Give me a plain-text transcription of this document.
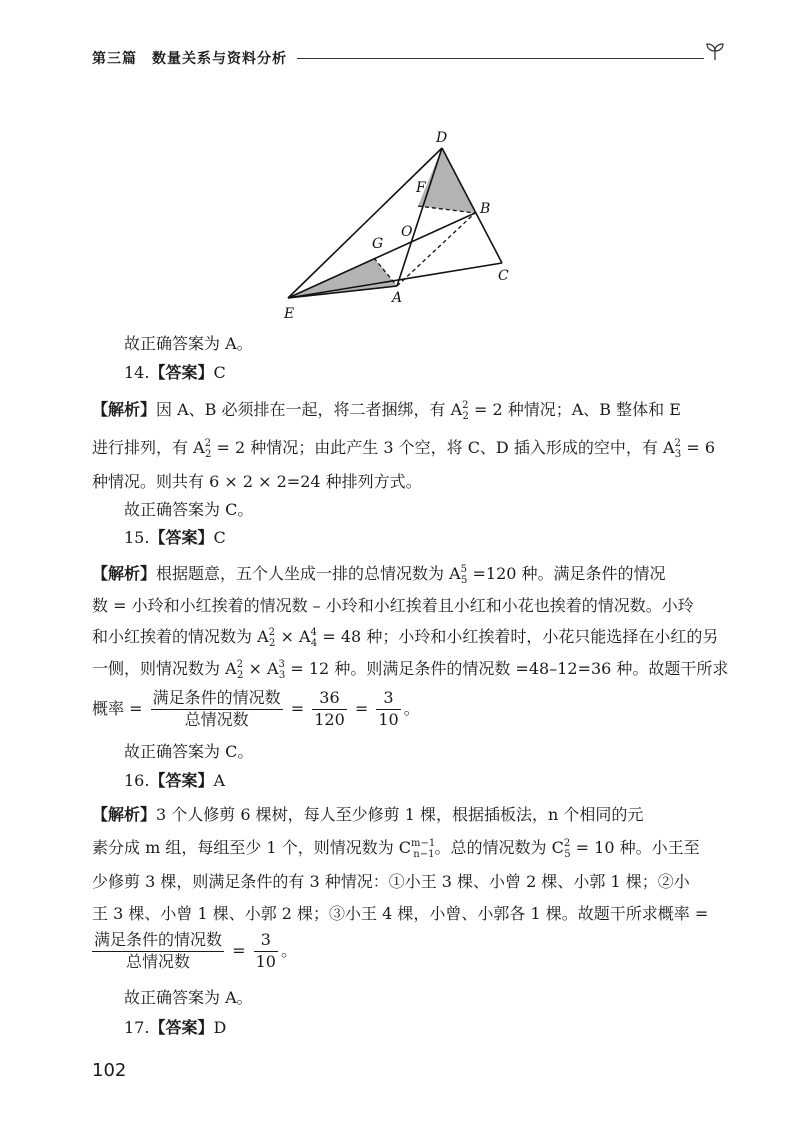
第三篇　数量关系与资料分析
D
F
B
G
O
C
A
E
故正确答案为 A。
14.【答案】C
【解析】因 A、B 必须排在一起，将二者捆绑，有 $A^2_2 = 2$ 种情况；A、B 整体和 E
进行排列，有 $A^2_2 = 2$ 种情况；由此产生 3 个空，将 C、D 插入形成的空中，有 $A^2_3 = 6$
种情况。则共有 6 × 2 × 2=24 种排列方式。
故正确答案为 C。
15.【答案】C
【解析】根据题意，五个人坐成一排的总情况数为 $A^5_5 =120$ 种。满足条件的情况
数 = 小玲和小红挨着的情况数 – 小玲和小红挨着且小红和小花也挨着的情况数。小玲
和小红挨着的情况数为 $A^2_2 \times A^4_4 = 48$ 种；小玲和小红挨着时，小花只能选择在小红的另
一侧，则情况数为 $A^2_2 \times A^3_3 = 12$ 种。则满足条件的情况数 =48–12=36 种。故题干所求
概率 = $\frac{\text{满足条件的情况数}}{\text{总情况数}} = \frac{36}{120} = \frac{3}{10}$ 。
故正确答案为 C。
16.【答案】A
【解析】3 个人修剪 6 棵树，每人至少修剪 1 棵，根据插板法，n 个相同的元
素分成 m 组，每组至少 1 个，则情况数为 $C^{m-1}_{n-1}$。总的情况数为 $C^2_5 = 10$ 种。小王至
少修剪 3 棵，则满足条件的有 3 种情况：①小王 3 棵、小曾 2 棵、小郭 1 棵；②小
王 3 棵、小曾 1 棵、小郭 2 棵；③小王 4 棵，小曾、小郭各 1 棵。故题干所求概率 =
$\frac{\text{满足条件的情况数}}{\text{总情况数}} = \frac{3}{10}$ 。
故正确答案为 A。
17.【答案】D
102
